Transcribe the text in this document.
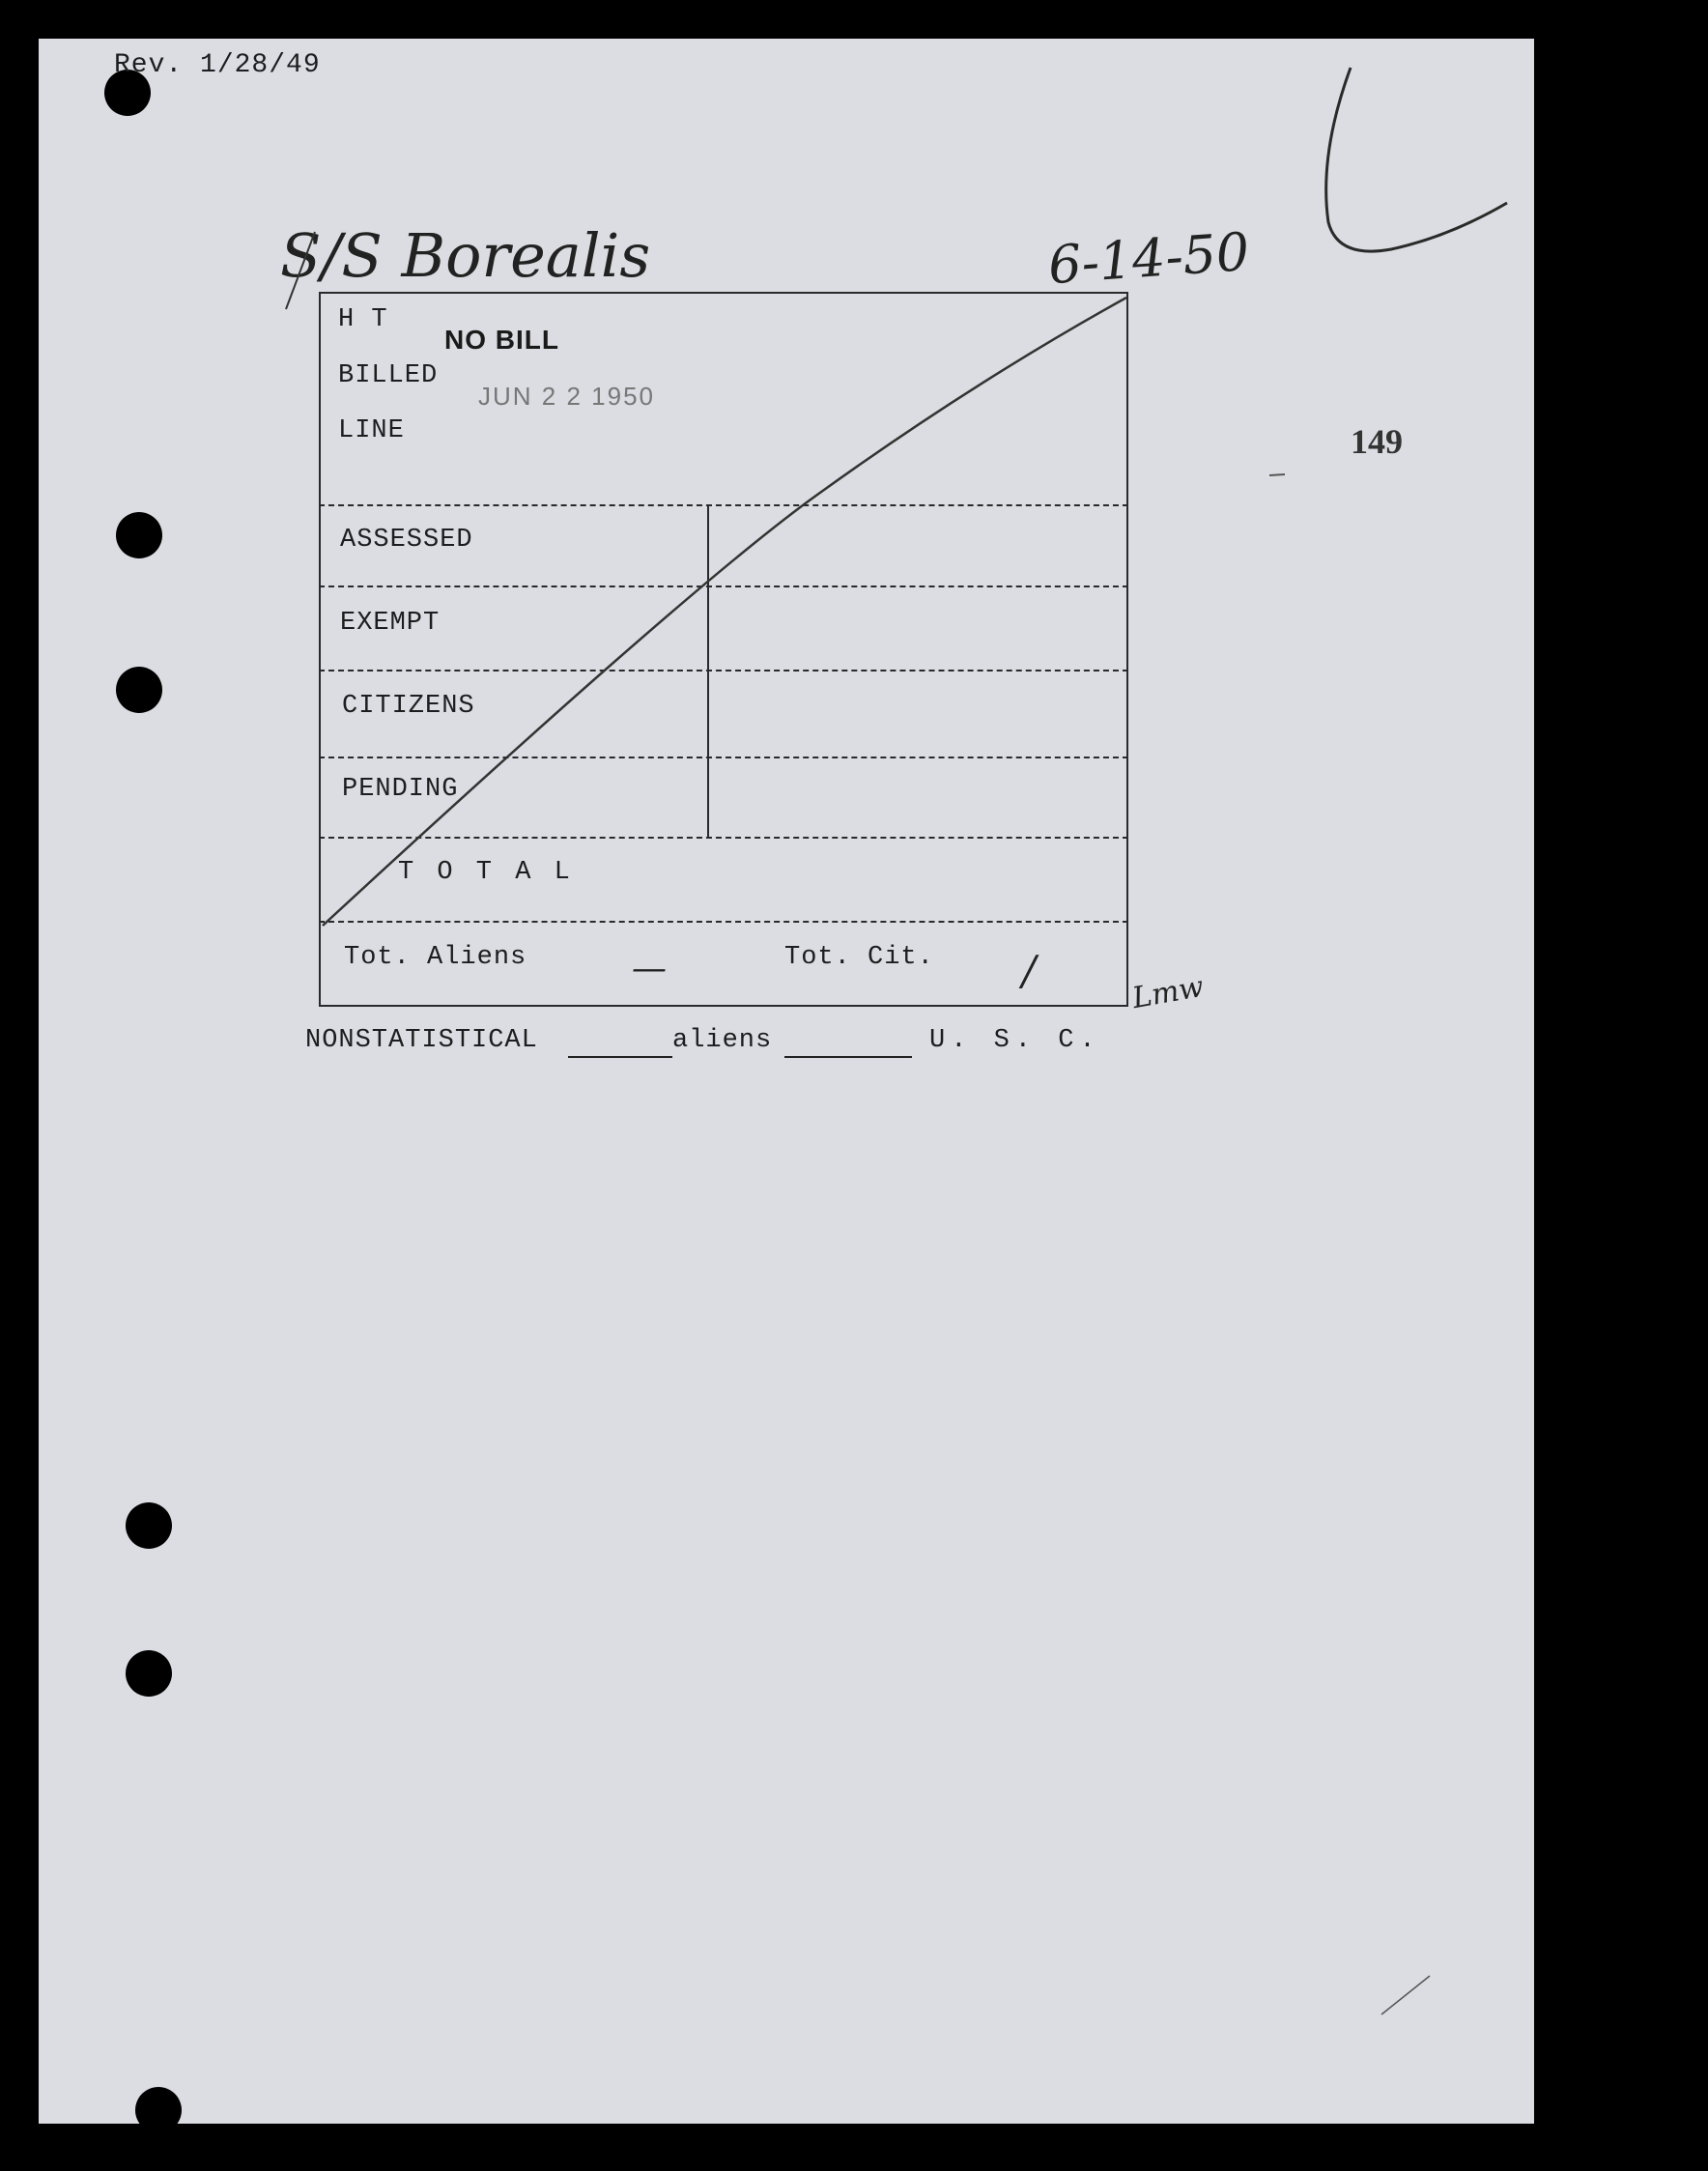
Rev. 1/28/49
S/S Borealis	6-14-50
149
H T
BILLED
LINE
NO BILL
JUN 2 2 1950
ASSESSED
EXEMPT
CITIZENS
PENDING
T O T A L
Tot. Aliens	—	Tot. Cit. /	Lmw
NONSTATISTICAL	aliens	U. S. C.
